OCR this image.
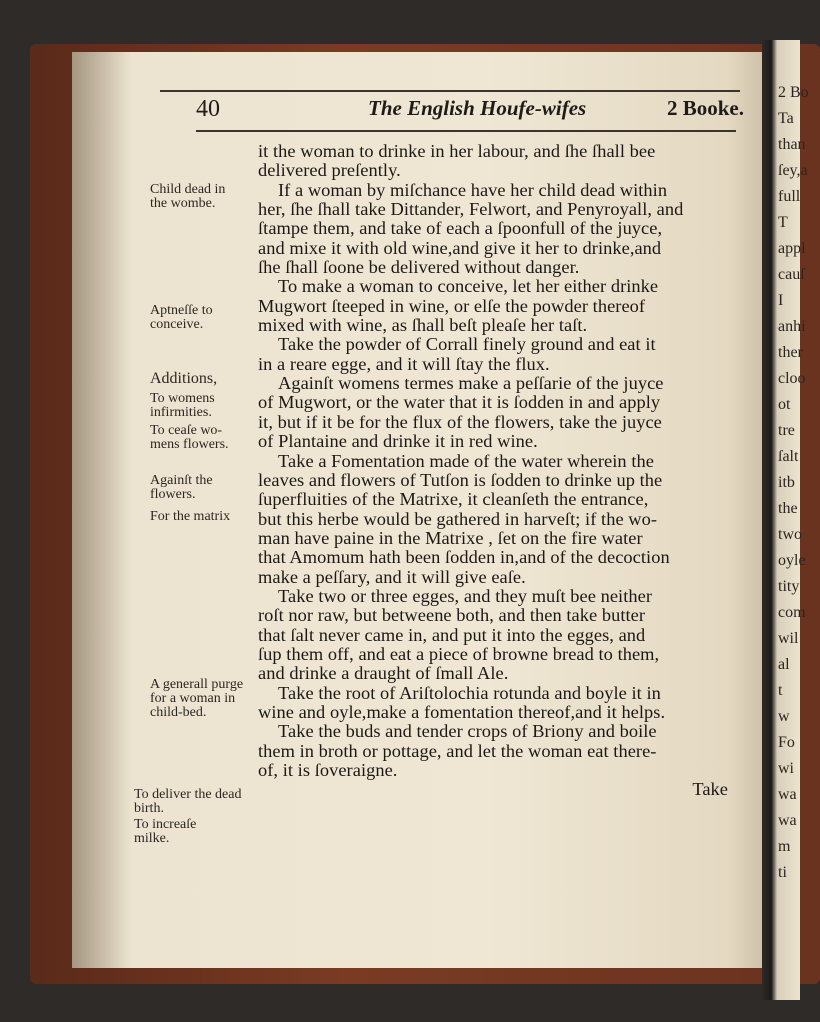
2 Bo
Ta
than
ſey,a
full
T
appl
cauſ
I
anhi
ther
cloo
ot
tre
ſalt
itb
the
two
oyle
tity
com
wil
al
t
w
Fo
wi
wa
wa
m
ti
40	The English Houfe-wifes	2 Booke.
Child dead in the wombe.
Aptneſſe to conceive.
Additions,
To womens infirmities.
To ceaſe wo- mens flowers.
Againſt the flowers.
For the matrix
A generall purge for a woman in child-bed.
To deliver the dead birth.
To increaſe milke.
it the woman to drinke in her labour, and ſhe ſhall bee
delivered preſently.
If a woman by miſchance have her child dead within
her, ſhe ſhall take Dittander, Felwort, and Penyroyall, and
ſtampe them, and take of each a ſpoonfull of the juyce,
and mixe it with old wine,and give it her to drinke,and
ſhe ſhall ſoone be delivered without danger.
To make a woman to conceive, let her either drinke
Mugwort ſteeped in wine, or elſe the powder thereof
mixed with wine, as ſhall beſt pleaſe her taſt.
Take the powder of Corrall finely ground and eat it
in a reare egge, and it will ſtay the flux.
Againſt womens termes make a peſſarie of the juyce
of Mugwort, or the water that it is ſodden in and apply
it, but if it be for the flux of the flowers, take the juyce
of Plantaine and drinke it in red wine.
Take a Fomentation made of the water wherein the
leaves and flowers of Tutſon is ſodden to drinke up the
ſuperfluities of the Matrixe, it cleanſeth the entrance,
but this herbe would be gathered in harveſt; if the wo-
man have paine in the Matrixe , ſet on the fire water
that Amomum hath been ſodden in,and of the decoction
make a peſſary, and it will give eaſe.
Take two or three egges, and they muſt bee neither
roſt nor raw, but betweene both, and then take butter
that ſalt never came in, and put it into the egges, and
ſup them off, and eat a piece of browne bread to them,
and drinke a draught of ſmall Ale.
Take the root of Ariſtolochia rotunda and boyle it in
wine and oyle,make a fomentation thereof,and it helps.
Take the buds and tender crops of Briony and boile
them in broth or pottage, and let the woman eat there-
of, it is ſoveraigne.
Take
